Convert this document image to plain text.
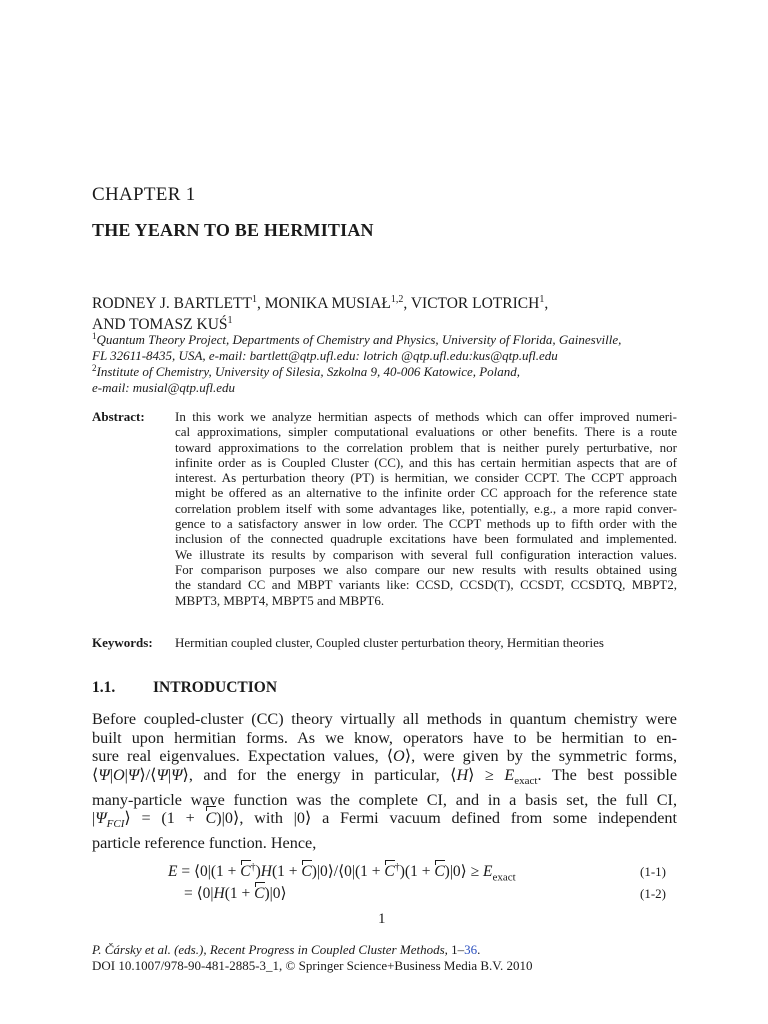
CHAPTER 1
THE YEARN TO BE HERMITIAN
RODNEY J. BARTLETT$^1$, MONIKA MUSIAŁ$^{1,2}$, VICTOR LOTRICH$^1$,
AND TOMASZ KUŚ$^1$
$^1$Quantum Theory Project, Departments of Chemistry and Physics, University of Florida, Gainesville,
FL 32611-8435, USA, e-mail: bartlett@qtp.ufl.edu: lotrich @qtp.ufl.edu:kus@qtp.ufl.edu
$^2$Institute of Chemistry, University of Silesia, Szkolna 9, 40-006 Katowice, Poland,
e-mail: musial@qtp.ufl.edu
Abstract: In this work we analyze hermitian aspects of methods which can offer improved numeri-
cal approximations, simpler computational evaluations or other benefits. There is a route
toward approximations to the correlation problem that is neither purely perturbative, nor
infinite order as is Coupled Cluster (CC), and this has certain hermitian aspects that are of
interest. As perturbation theory (PT) is hermitian, we consider CCPT. The CCPT approach
might be offered as an alternative to the infinite order CC approach for the reference state
correlation problem itself with some advantages like, potentially, e.g., a more rapid conver-
gence to a satisfactory answer in low order. The CCPT methods up to fifth order with the
inclusion of the connected quadruple excitations have been formulated and implemented.
We illustrate its results by comparison with several full configuration interaction values.
For comparison purposes we also compare our new results with results obtained using
the standard CC and MBPT variants like: CCSD, CCSD(T), CCSDT, CCSDTQ, MBPT2,
MBPT3, MBPT4, MBPT5 and MBPT6.
Keywords: Hermitian coupled cluster, Coupled cluster perturbation theory, Hermitian theories
1.1. INTRODUCTION
Before coupled-cluster (CC) theory virtually all methods in quantum chemistry were
built upon hermitian forms. As we know, operators have to be hermitian to en-
sure real eigenvalues. Expectation values, ⟨O⟩, were given by the symmetric forms,
⟨Ψ|O|Ψ⟩/⟨Ψ|Ψ⟩, and for the energy in particular, ⟨H⟩ ≥ $E_{exact}$. The best possible
many-particle wave function was the complete CI, and in a basis set, the full CI,
$|\Psi_{FCI}⟩ = (1$ + C)|0⟩, with |0⟩ a Fermi vacuum defined from some independent
particle reference function. Hence,
E = ⟨0|(1 + C†)H(1 + C)|0⟩/⟨0|(1 + C†)(1 + C)|0⟩ ≥ $E_{exact}$	(1-1)
= ⟨0|H(1 + C)|0⟩	(1-2)
1
P. Čársky et al. (eds.), Recent Progress in Coupled Cluster Methods, 1–36.
DOI 10.1007/978-90-481-2885-3_1, © Springer Science+Business Media B.V. 2010
